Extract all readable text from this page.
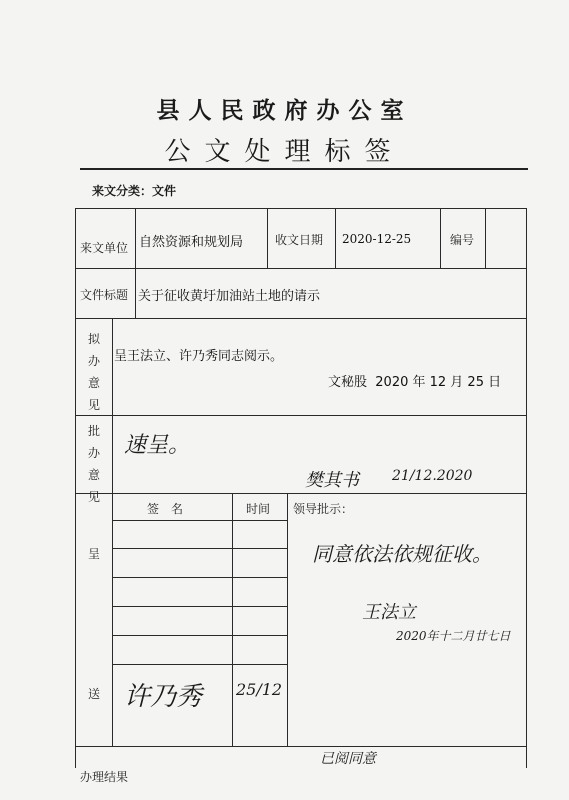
县人民政府办公室
公文处理标签
来文分类：文件
来文单位 自然资源和规划局	收文日期 2020-12-25	编号
文件标题 关于征收黄圩加油站土地的请示
拟
办
意
见
呈王法立、许乃秀同志阅示。
文秘股 2020 年 12 月 25 日
批
办
意
见
速呈。
樊其书 21/12.2020
呈
送
签　名	时间 领导批示：
同意依法依规征收。
王法立
2020年十二月廿七日
许乃秀 25/12
已阅同意
办理结果
